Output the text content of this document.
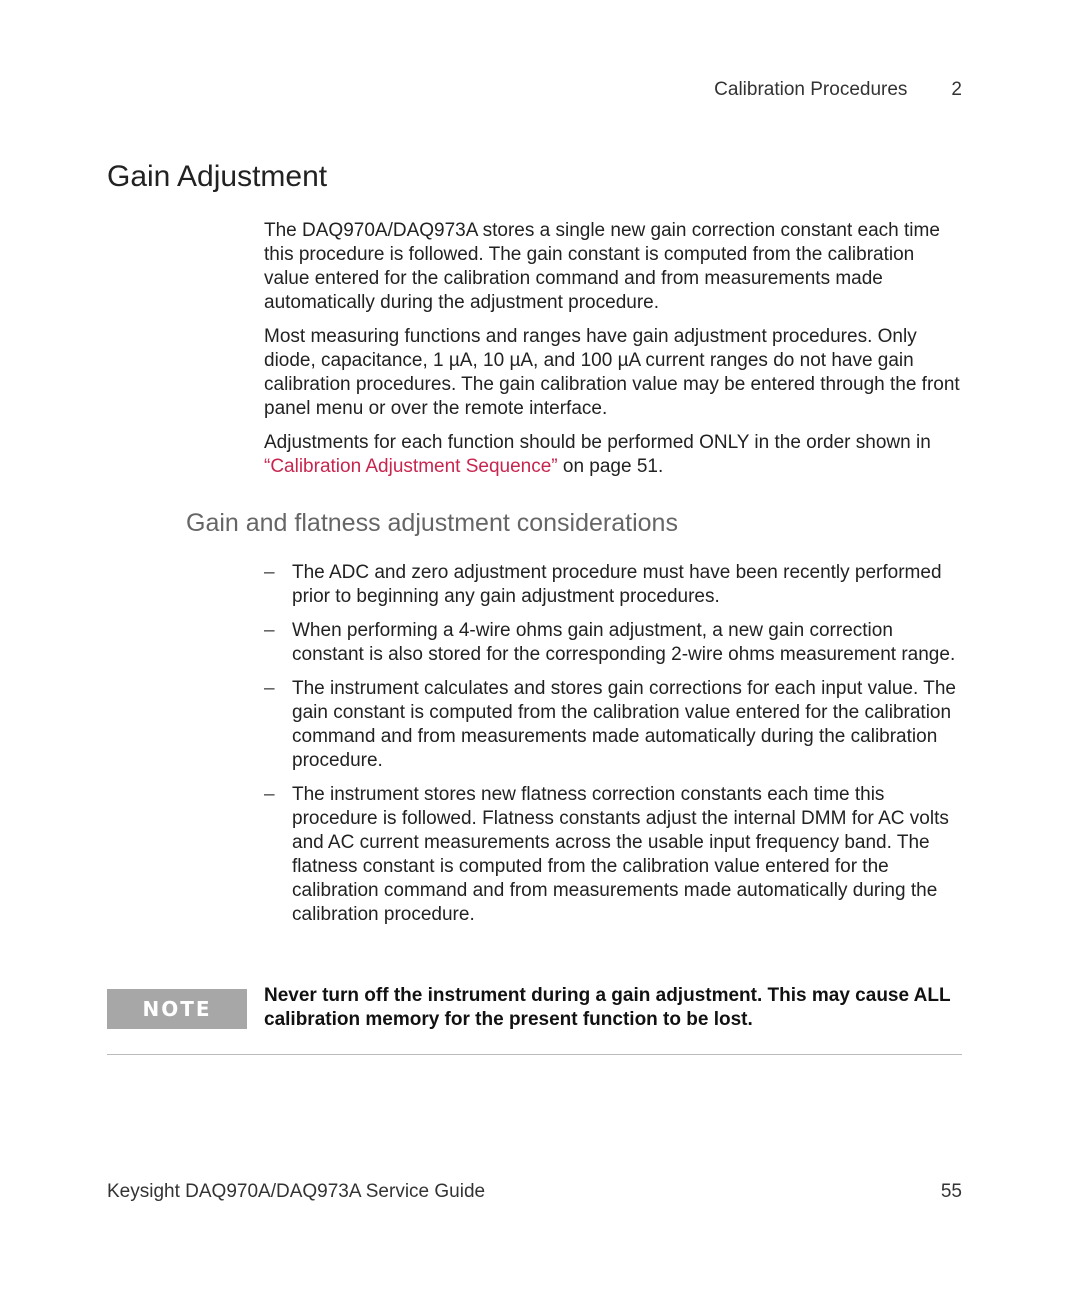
Calibration Procedures 2
Gain Adjustment

The DAQ970A/DAQ973A stores a single new gain correction constant each time this procedure is followed. The gain constant is computed from the calibration value entered for the calibration command and from measurements made automatically during the adjustment procedure.

Most measuring functions and ranges have gain adjustment procedures. Only diode, capacitance, 1 µA, 10 µA, and 100 µA current ranges do not have gain calibration procedures. The gain calibration value may be entered through the front panel menu or over the remote interface.

Adjustments for each function should be performed ONLY in the order shown in “Calibration Adjustment Sequence” on page 51.

Gain and flatness adjustment considerations
– The ADC and zero adjustment procedure must have been recently performed prior to beginning any gain adjustment procedures.
– When performing a 4-wire ohms gain adjustment, a new gain correction constant is also stored for the corresponding 2-wire ohms measurement range.
– The instrument calculates and stores gain corrections for each input value. The gain constant is computed from the calibration value entered for the calibration command and from measurements made automatically during the calibration procedure.
– The instrument stores new flatness correction constants each time this procedure is followed. Flatness constants adjust the internal DMM for AC volts and AC current measurements across the usable input frequency band. The flatness constant is computed from the calibration value entered for the calibration command and from measurements made automatically during the calibration procedure.
NOTE
Never turn off the instrument during a gain adjustment. This may cause ALL calibration memory for the present function to be lost.
Keysight DAQ970A/DAQ973A Service Guide	55
